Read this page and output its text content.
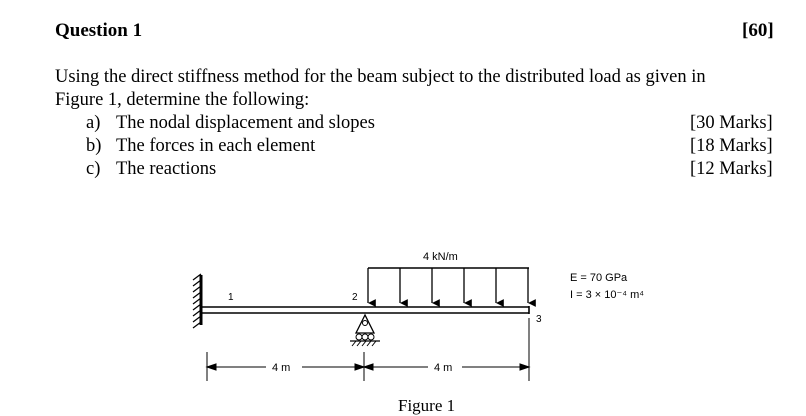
Question 1	[60]
Using the direct stiffness method for the beam subject to the distributed load as given in
Figure 1, determine the following:
a) The nodal displacement and slopes	[30 Marks]
b) The forces in each element	[18 Marks]
c) The reactions	[12 Marks]
4 kN/m
1	2
3
E = 70 GPa
I = 3 × 10⁻⁴ m⁴
4 m	4 m
Figure 1
